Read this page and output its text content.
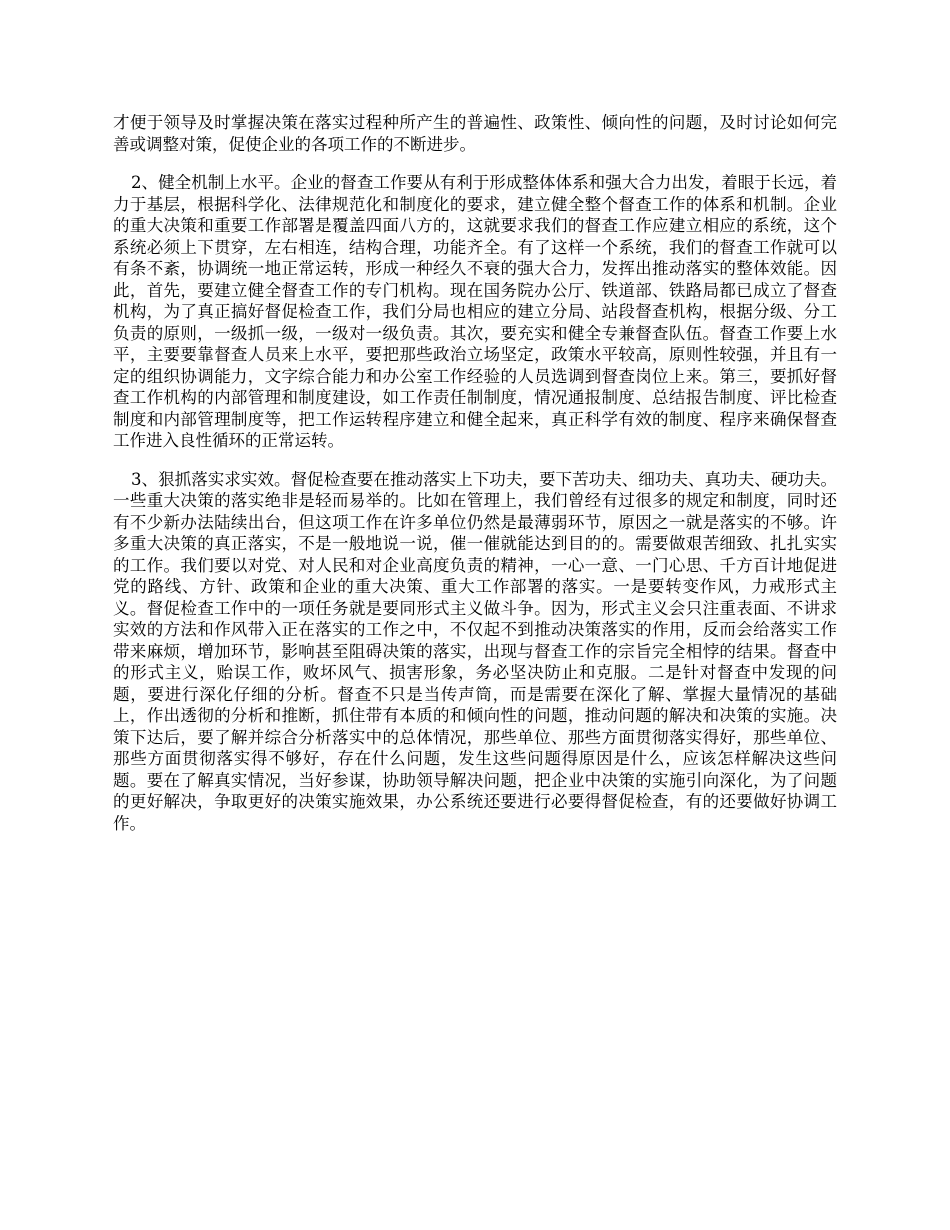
才便于领导及时掌握决策在落实过程种所产生的普遍性、政策性、倾向性的问题，及时讨论如何完善或调整对策，促使企业的各项工作的不断进步。

2、健全机制上水平。企业的督查工作要从有利于形成整体体系和强大合力出发，着眼于长远，着力于基层，根据科学化、法律规范化和制度化的要求，建立健全整个督查工作的体系和机制。企业的重大决策和重要工作部署是覆盖四面八方的，这就要求我们的督查工作应建立相应的系统，这个系统必须上下贯穿，左右相连，结构合理，功能齐全。有了这样一个系统，我们的督查工作就可以有条不紊，协调统一地正常运转，形成一种经久不衰的强大合力，发挥出推动落实的整体效能。因此，首先，要建立健全督查工作的专门机构。现在国务院办公厅、铁道部、铁路局都已成立了督查机构，为了真正搞好督促检查工作，我们分局也相应的建立分局、站段督查机构，根据分级、分工负责的原则，一级抓一级，一级对一级负责。其次，要充实和健全专兼督查队伍。督查工作要上水平，主要要靠督查人员来上水平，要把那些政治立场坚定，政策水平较高，原则性较强，并且有一定的组织协调能力，文字综合能力和办公室工作经验的人员选调到督查岗位上来。第三，要抓好督查工作机构的内部管理和制度建设，如工作责任制制度，情况通报制度、总结报告制度、评比检查制度和内部管理制度等，把工作运转程序建立和健全起来，真正科学有效的制度、程序来确保督查工作进入良性循环的正常运转。

3、狠抓落实求实效。督促检查要在推动落实上下功夫，要下苦功夫、细功夫、真功夫、硬功夫。一些重大决策的落实绝非是轻而易举的。比如在管理上，我们曾经有过很多的规定和制度，同时还有不少新办法陆续出台，但这项工作在许多单位仍然是最薄弱环节，原因之一就是落实的不够。许多重大决策的真正落实，不是一般地说一说，催一催就能达到目的的。需要做艰苦细致、扎扎实实的工作。我们要以对党、对人民和对企业高度负责的精神，一心一意、一门心思、千方百计地促进党的路线、方针、政策和企业的重大决策、重大工作部署的落实。一是要转变作风，力戒形式主义。督促检查工作中的一项任务就是要同形式主义做斗争。因为，形式主义会只注重表面、不讲求实效的方法和作风带入正在落实的工作之中，不仅起不到推动决策落实的作用，反而会给落实工作带来麻烦，增加环节，影响甚至阻碍决策的落实，出现与督查工作的宗旨完全相悖的结果。督查中的形式主义，贻误工作，败坏风气、损害形象，务必坚决防止和克服。二是针对督查中发现的问题，要进行深化仔细的分析。督查不只是当传声筒，而是需要在深化了解、掌握大量情况的基础上，作出透彻的分析和推断，抓住带有本质的和倾向性的问题，推动问题的解决和决策的实施。决策下达后，要了解并综合分析落实中的总体情况，那些单位、那些方面贯彻落实得好，那些单位、那些方面贯彻落实得不够好，存在什么问题，发生这些问题得原因是什么，应该怎样解决这些问题。要在了解真实情况，当好参谋，协助领导解决问题，把企业中决策的实施引向深化，为了问题的更好解决，争取更好的决策实施效果，办公系统还要进行必要得督促检查，有的还要做好协调工作。
